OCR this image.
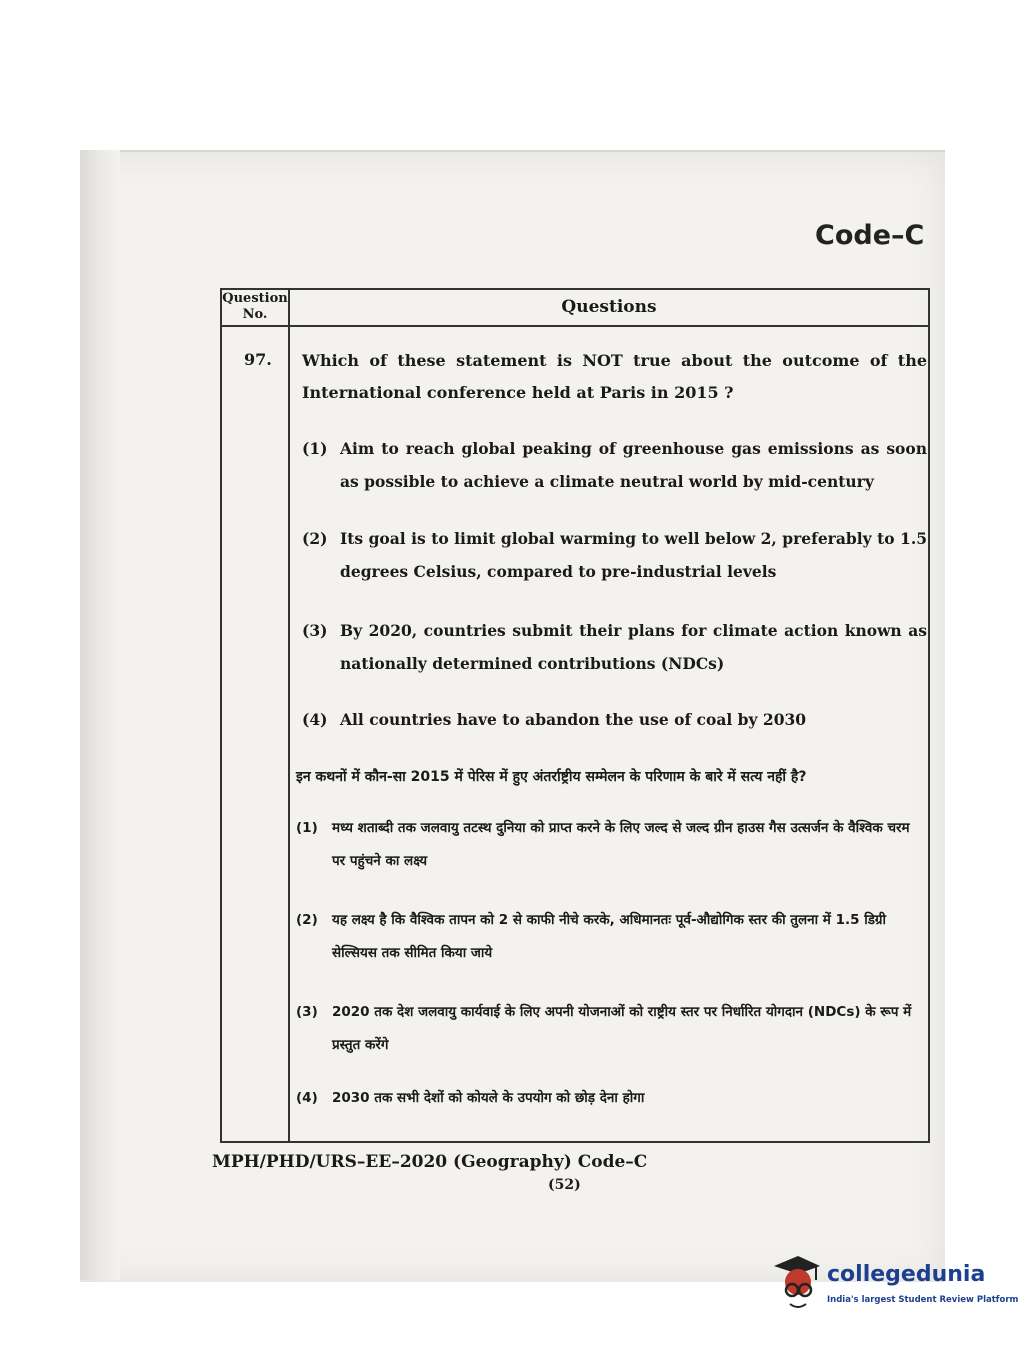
Code–C
Question
No.	Questions
97. Which of these statement is NOT true about the outcome of the International conference held at Paris in 2015 ?
(1) Aim to reach global peaking of greenhouse gas emissions as soon as possible to achieve a climate neutral world by mid-century
(2) Its goal is to limit global warming to well below 2, preferably to 1.5 degrees Celsius, compared to pre-industrial levels
(3) By 2020, countries submit their plans for climate action known as nationally determined contributions (NDCs)
(4) All countries have to abandon the use of coal by 2030
इन कथनों में कौन-सा 2015 में पेरिस में हुए अंतर्राष्ट्रीय सम्मेलन के परिणाम के बारे में सत्य नहीं है?
(1) मध्य शताब्दी तक जलवायु तटस्थ दुनिया को प्राप्त करने के लिए जल्द से जल्द ग्रीन हाउस गैस उत्सर्जन के वैश्विक चरम पर पहुंचने का लक्ष्य
(2) यह लक्ष्य है कि वैश्विक तापन को 2 से काफी नीचे करके, अधिमानतः पूर्व-औद्योगिक स्तर की तुलना में 1.5 डिग्री सेल्सियस तक सीमित किया जाये
(3) 2020 तक देश जलवायु कार्यवाई के लिए अपनी योजनाओं को राष्ट्रीय स्तर पर निर्धारित योगदान (NDCs) के रूप में प्रस्तुत करेंगे
(4) 2030 तक सभी देशों को कोयले के उपयोग को छोड़ देना होगा
MPH/PHD/URS–EE–2020 (Geography) Code–C
(52)
collegedunia
India's largest Student Review Platform
